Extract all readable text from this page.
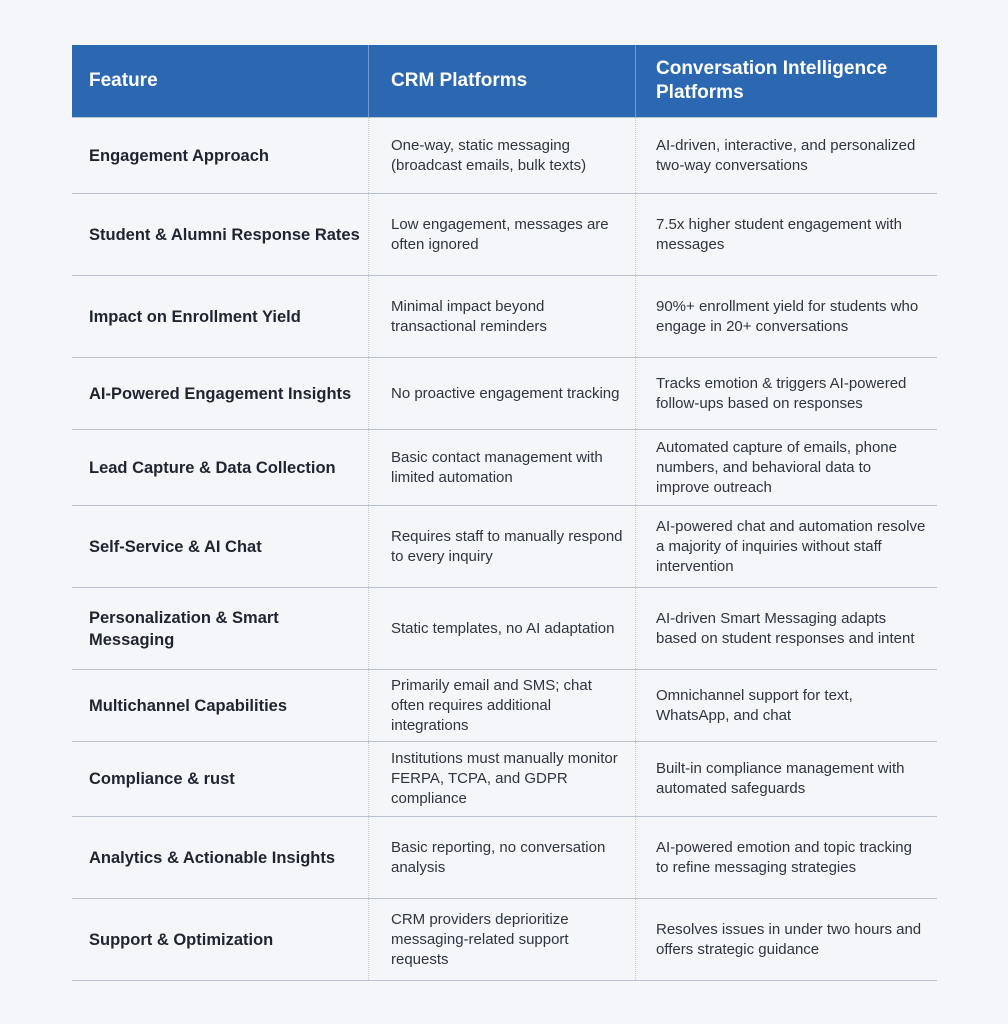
Feature	CRM Platforms
Conversation Intelligence Platforms
Engagement Approach
One-way, static messaging (broadcast emails, bulk texts)
AI-driven, interactive, and personalized two-way conversations
Student & Alumni Response Rates
Low engagement, messages are often ignored
7.5x higher student engagement with messages
Impact on Enrollment Yield
Minimal impact beyond transactional reminders
90%+ enrollment yield for students who engage in 20+ conversations
AI-Powered Engagement Insights	No proactive engagement tracking
Tracks emotion & triggers AI-powered follow-ups based on responses
Lead Capture & Data Collection
Basic contact management with limited automation
Automated capture of emails, phone numbers, and behavioral data to improve outreach
Self-Service & AI Chat
Requires staff to manually respond to every inquiry
AI-powered chat and automation resolve a majority of inquiries without staff intervention
Personalization & Smart Messaging
Static templates, no AI adaptation
AI-driven Smart Messaging adapts based on student responses and intent
Multichannel Capabilities
Primarily email and SMS; chat often requires additional integrations
Omnichannel support for text, WhatsApp, and chat
Compliance & rust
Institutions must manually monitor FERPA, TCPA, and GDPR compliance
Built-in compliance management with automated safeguards
Analytics & Actionable Insights
Basic reporting, no conversation analysis
AI-powered emotion and topic tracking to refine messaging strategies
Support & Optimization
CRM providers deprioritize messaging-related support requests
Resolves issues in under two hours and offers strategic guidance
